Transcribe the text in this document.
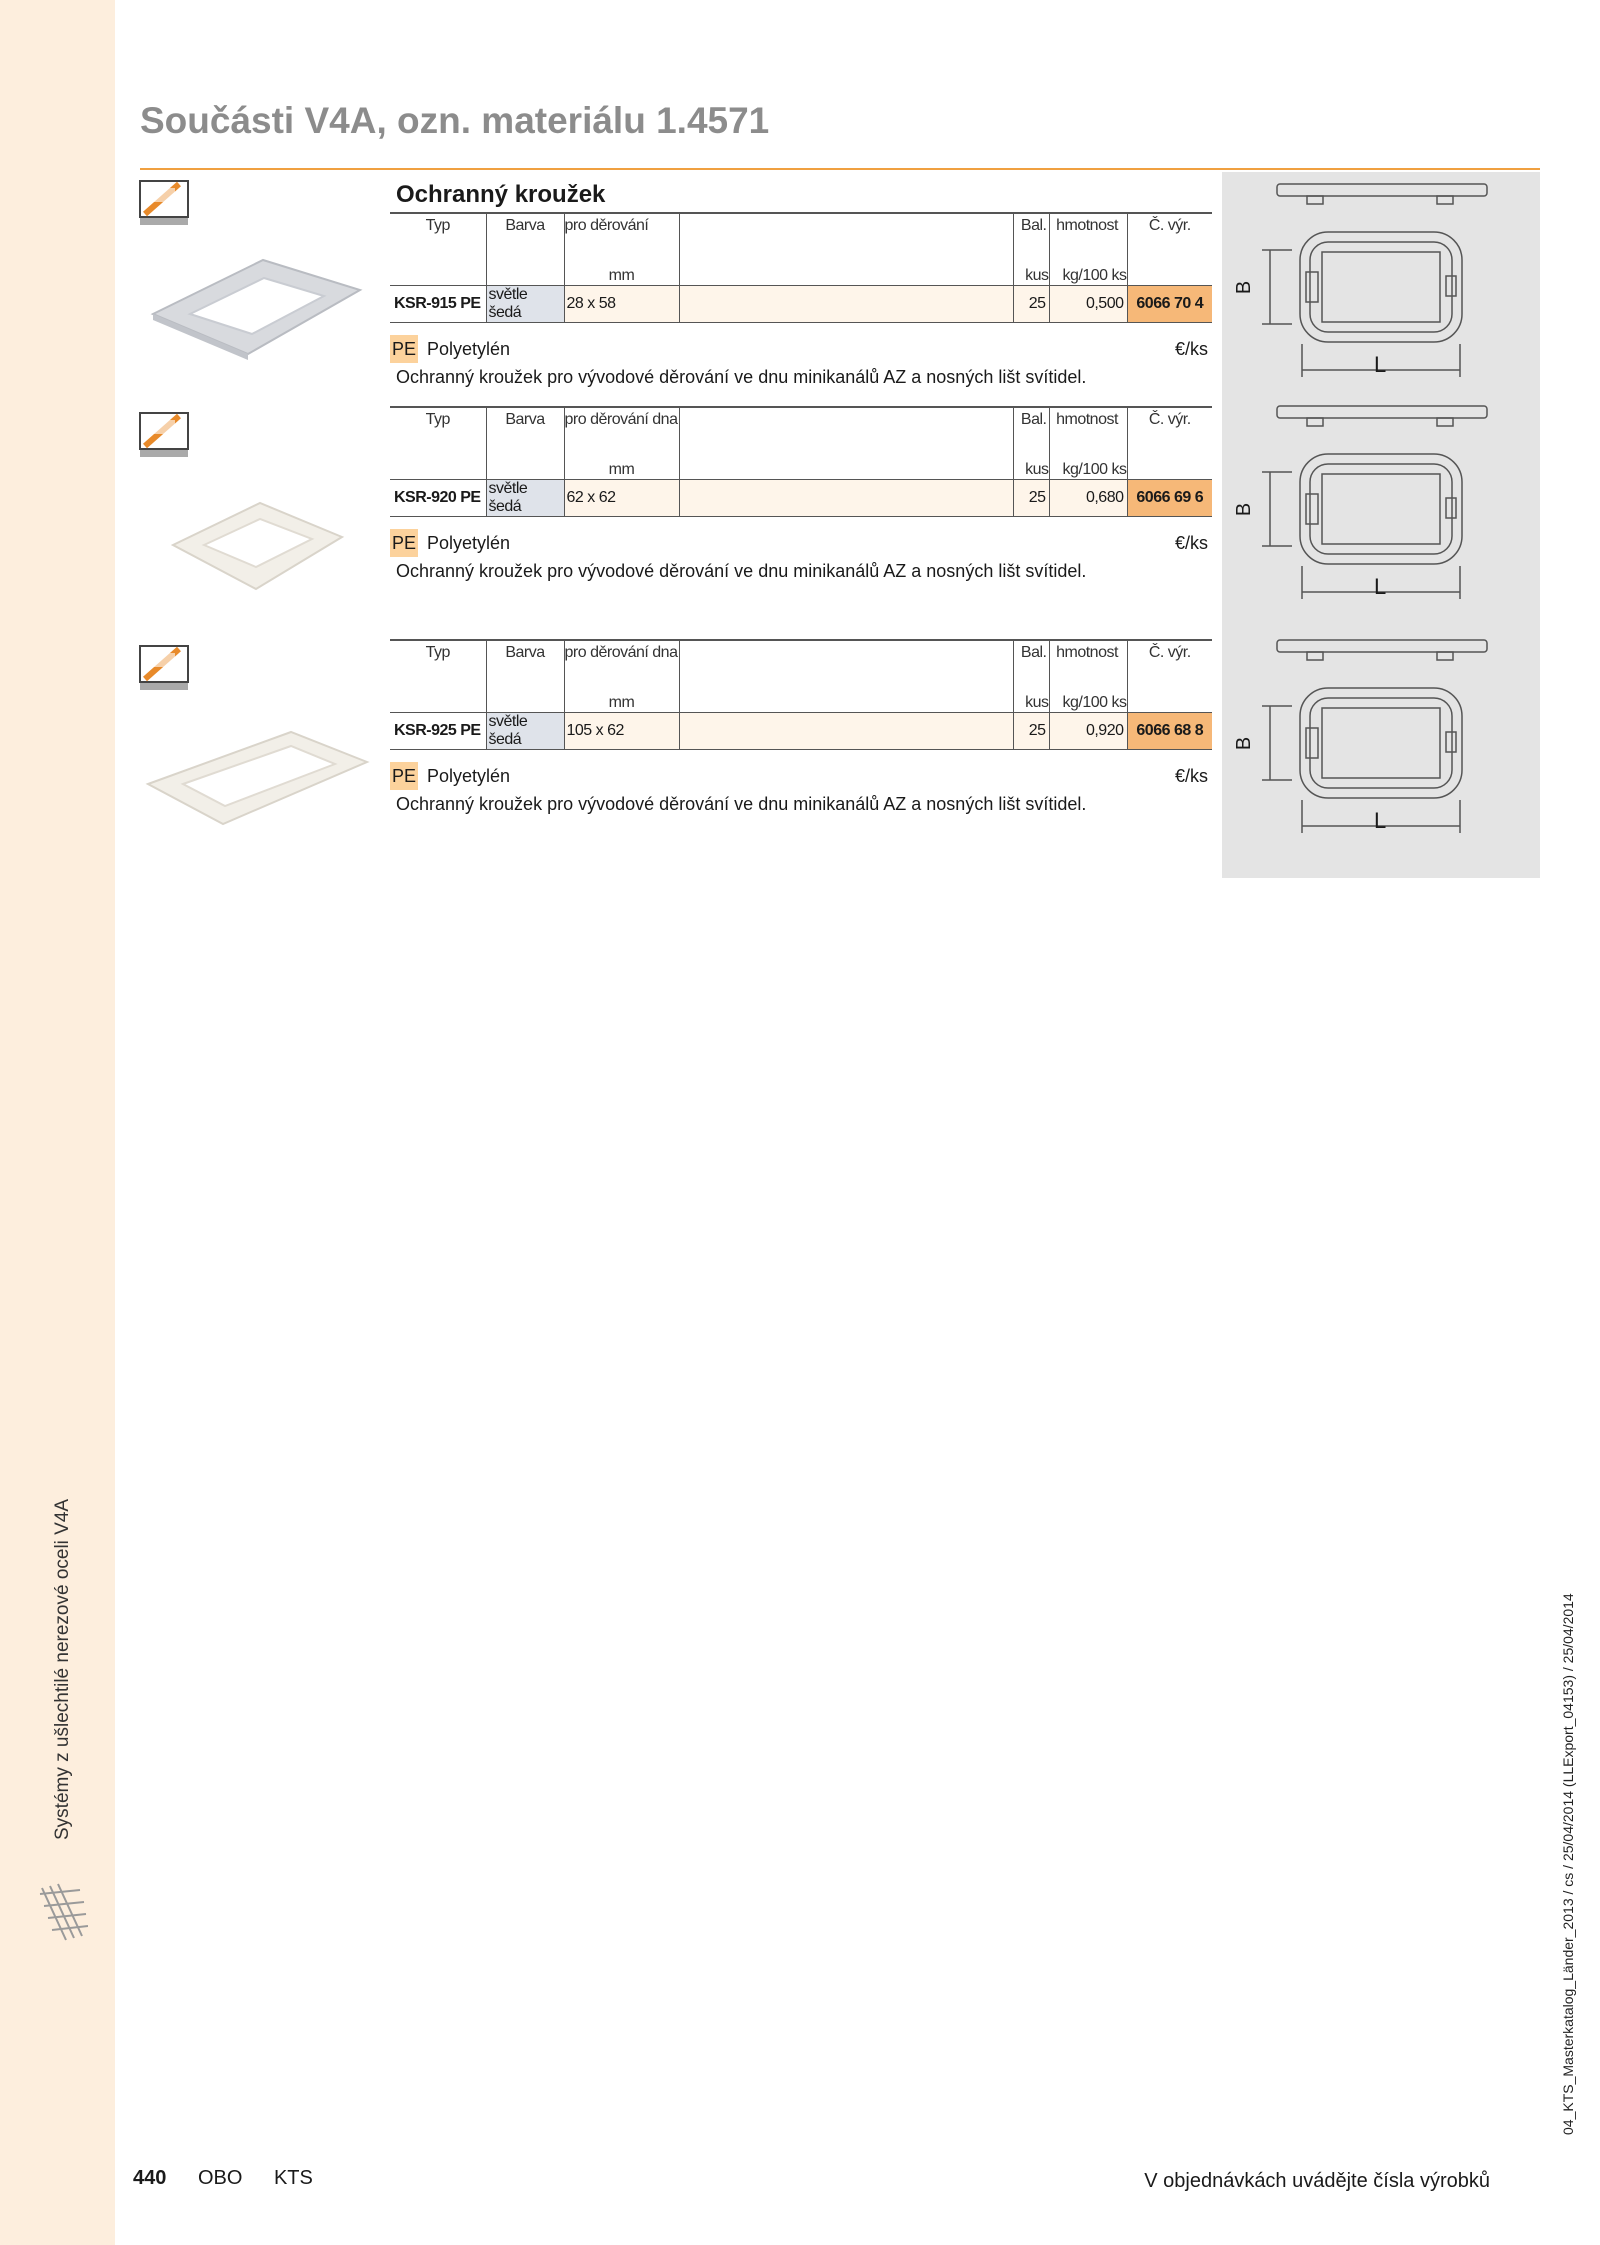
Systémy z ušlechtilé nerezové oceli V4A
Součásti V4A, ozn. materiálu 1.4571
Ochranný kroužek
Typ	Barva	pro děrování		Bal.	hmotnost	Č. výr.

		mm		kus	kg/100 ks	
KSR-915 PE	světle šedá	28 x 58		25	0,500	6066 70 4
PE Polyetylén	€/ks
Ochranný kroužek pro vývodové děrování ve dnu minikanálů AZ a nosných lišt svítidel.
Typ	Barva	pro děrování dna		Bal.	hmotnost	Č. výr.

		mm		kus	kg/100 ks	
KSR-920 PE	světle šedá	62 x 62		25	0,680	6066 69 6
PE Polyetylén	€/ks
Ochranný kroužek pro vývodové děrování ve dnu minikanálů AZ a nosných lišt svítidel.
Typ	Barva	pro děrování dna		Bal.	hmotnost	Č. výr.

		mm		kus	kg/100 ks	
KSR-925 PE	světle šedá	105 x 62		25	0,920	6066 68 8
PE Polyetylén	€/ks
Ochranný kroužek pro vývodové děrování ve dnu minikanálů AZ a nosných lišt svítidel.
B
L
B
L
B
L
440 OBO KTS	V objednávkách uvádějte čísla výrobků
04_KTS_Masterkatalog_Länder_2013 / cs / 25/04/2014 (LLExport_04153) / 25/04/2014
